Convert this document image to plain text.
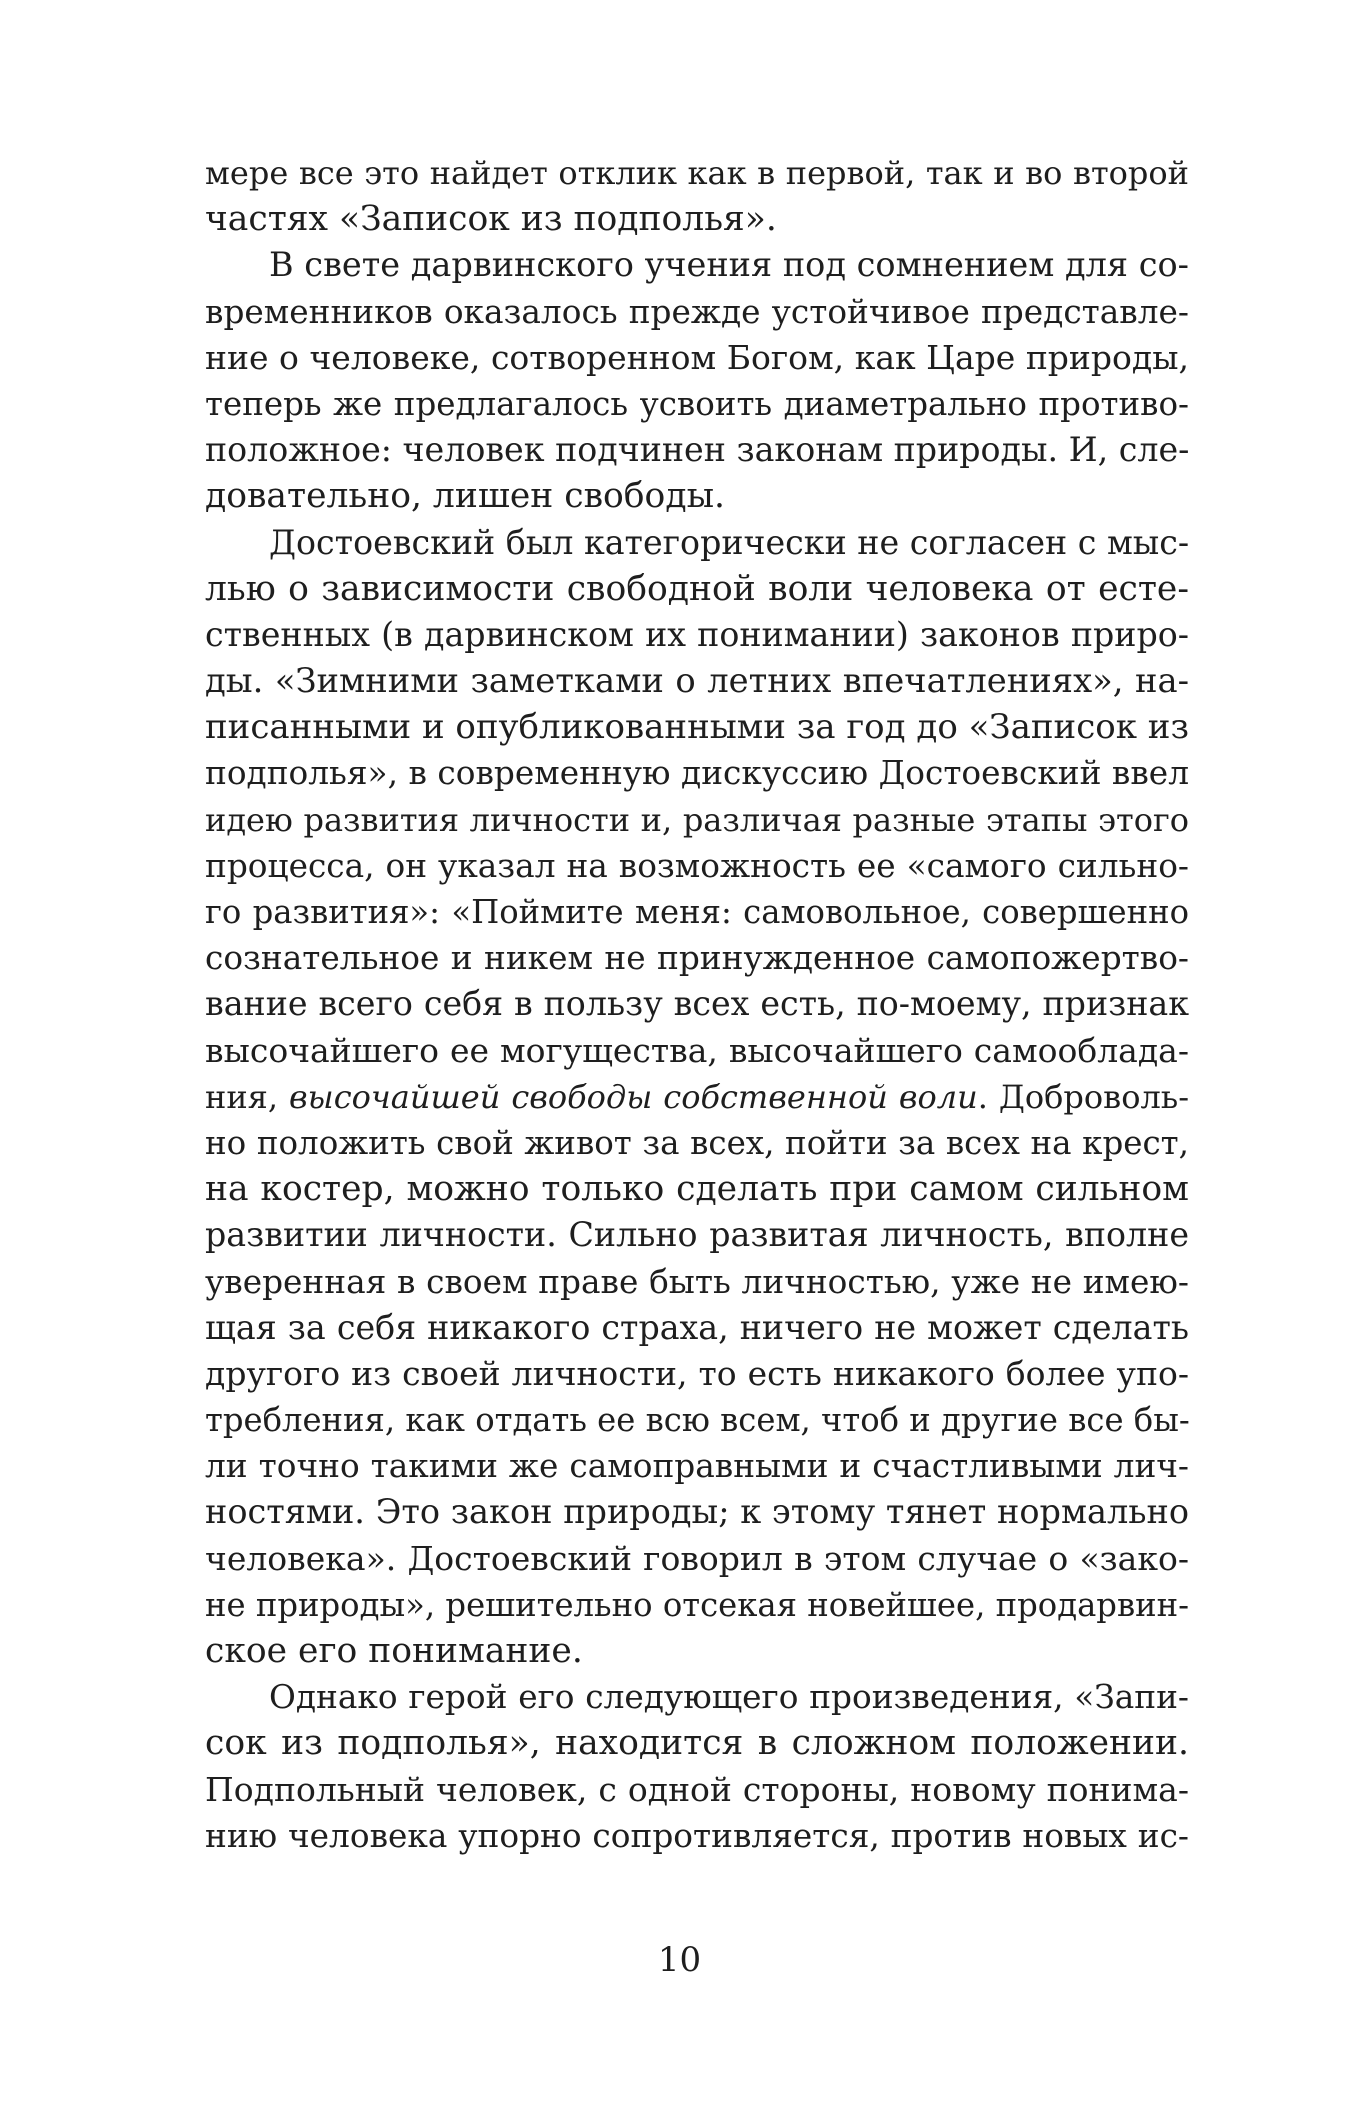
мере все это найдет отклик как в первой, так и во второй
частях «Записок из подполья».
В свете дарвинского учения под сомнением для со-
временников оказалось прежде устойчивое представле-
ние о человеке, сотворенном Богом, как Царе природы,
теперь же предлагалось усвоить диаметрально противо-
положное: человек подчинен законам природы. И, сле-
довательно, лишен свободы.
Достоевский был категорически не согласен с мыс-
лью о зависимости свободной воли человека от есте-
ственных (в дарвинском их понимании) законов приро-
ды. «Зимними заметками о летних впечатлениях», на-
писанными и опубликованными за год до «Записок из
подполья», в современную дискуссию Достоевский ввел
идею развития личности и, различая разные этапы этого
процесса, он указал на возможность ее «самого сильно-
го развития»: «Поймите меня: самовольное, совершенно
сознательное и никем не принужденное самопожертво-
вание всего себя в пользу всех есть, по-моему, признак
высочайшего ее могущества, высочайшего самооблада-
ния, высочайшей свободы собственной воли. Доброволь-
но положить свой живот за всех, пойти за всех на крест,
на костер, можно только сделать при самом сильном
развитии личности. Сильно развитая личность, вполне
уверенная в своем праве быть личностью, уже не имею-
щая за себя никакого страха, ничего не может сделать
другого из своей личности, то есть никакого более упо-
требления, как отдать ее всю всем, чтоб и другие все бы-
ли точно такими же самоправными и счастливыми лич-
ностями. Это закон природы; к этому тянет нормально
человека». Достоевский говорил в этом случае о «зако-
не природы», решительно отсекая новейшее, продарвин-
ское его понимание.
Однако герой его следующего произведения, «Запи-
сок из подполья», находится в сложном положении.
Подпольный человек, с одной стороны, новому понима-
нию человека упорно сопротивляется, против новых ис-
10
